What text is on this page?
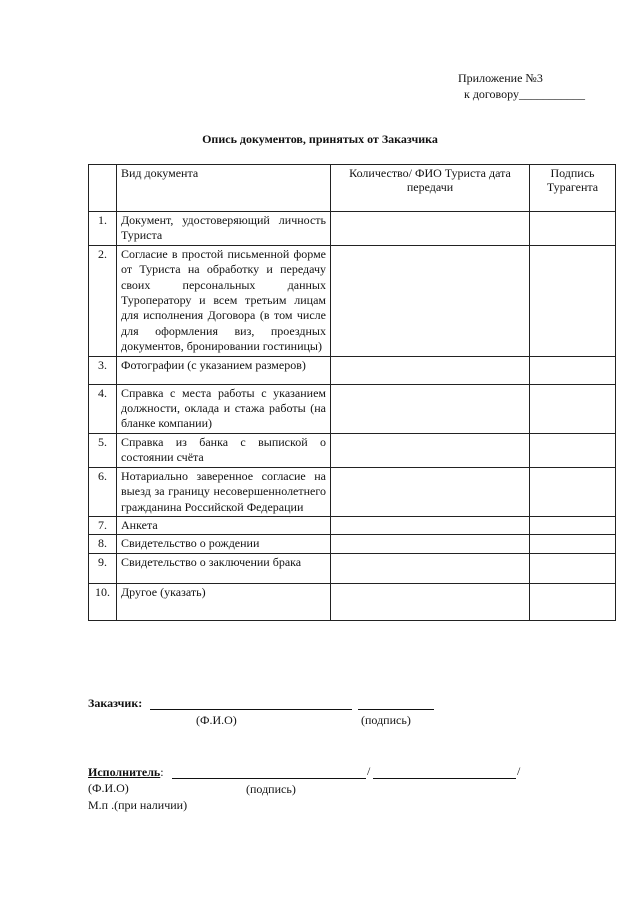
Приложение №3
к договору___________
Опись документов, принятых от Заказчика
	Вид документа	Количество/ ФИО Туриста дата передачи	Подпись Турагента
1.	Документ, удостоверяющий личность Туриста		
2.	Согласие в простой письменной форме от Туриста на обработку и передачу своих персональных данных Туроператору и всем третьим лицам для исполнения Договора (в том числе для оформления виз, проездных документов, бронировании гостиницы)		
3.	Фотографии (с указанием размеров)		
4.	Справка с места работы с указанием должности, оклада и стажа работы (на бланке компании)		
5.	Справка из банка с выпиской о состоянии счёта		
6.	Нотариально заверенное согласие на выезд за границу несовершеннолетнего гражданина Российской Федерации		
7.	Анкета		
8.	Свидетельство о рождении		
9.	Свидетельство о заключении брака		
10.	Другое (указать)		
Заказчик:
(Ф.И.О)	(подпись)
Исполнитель:	/	/
(Ф.И.О)	(подпись)
М.п .(при наличии)
